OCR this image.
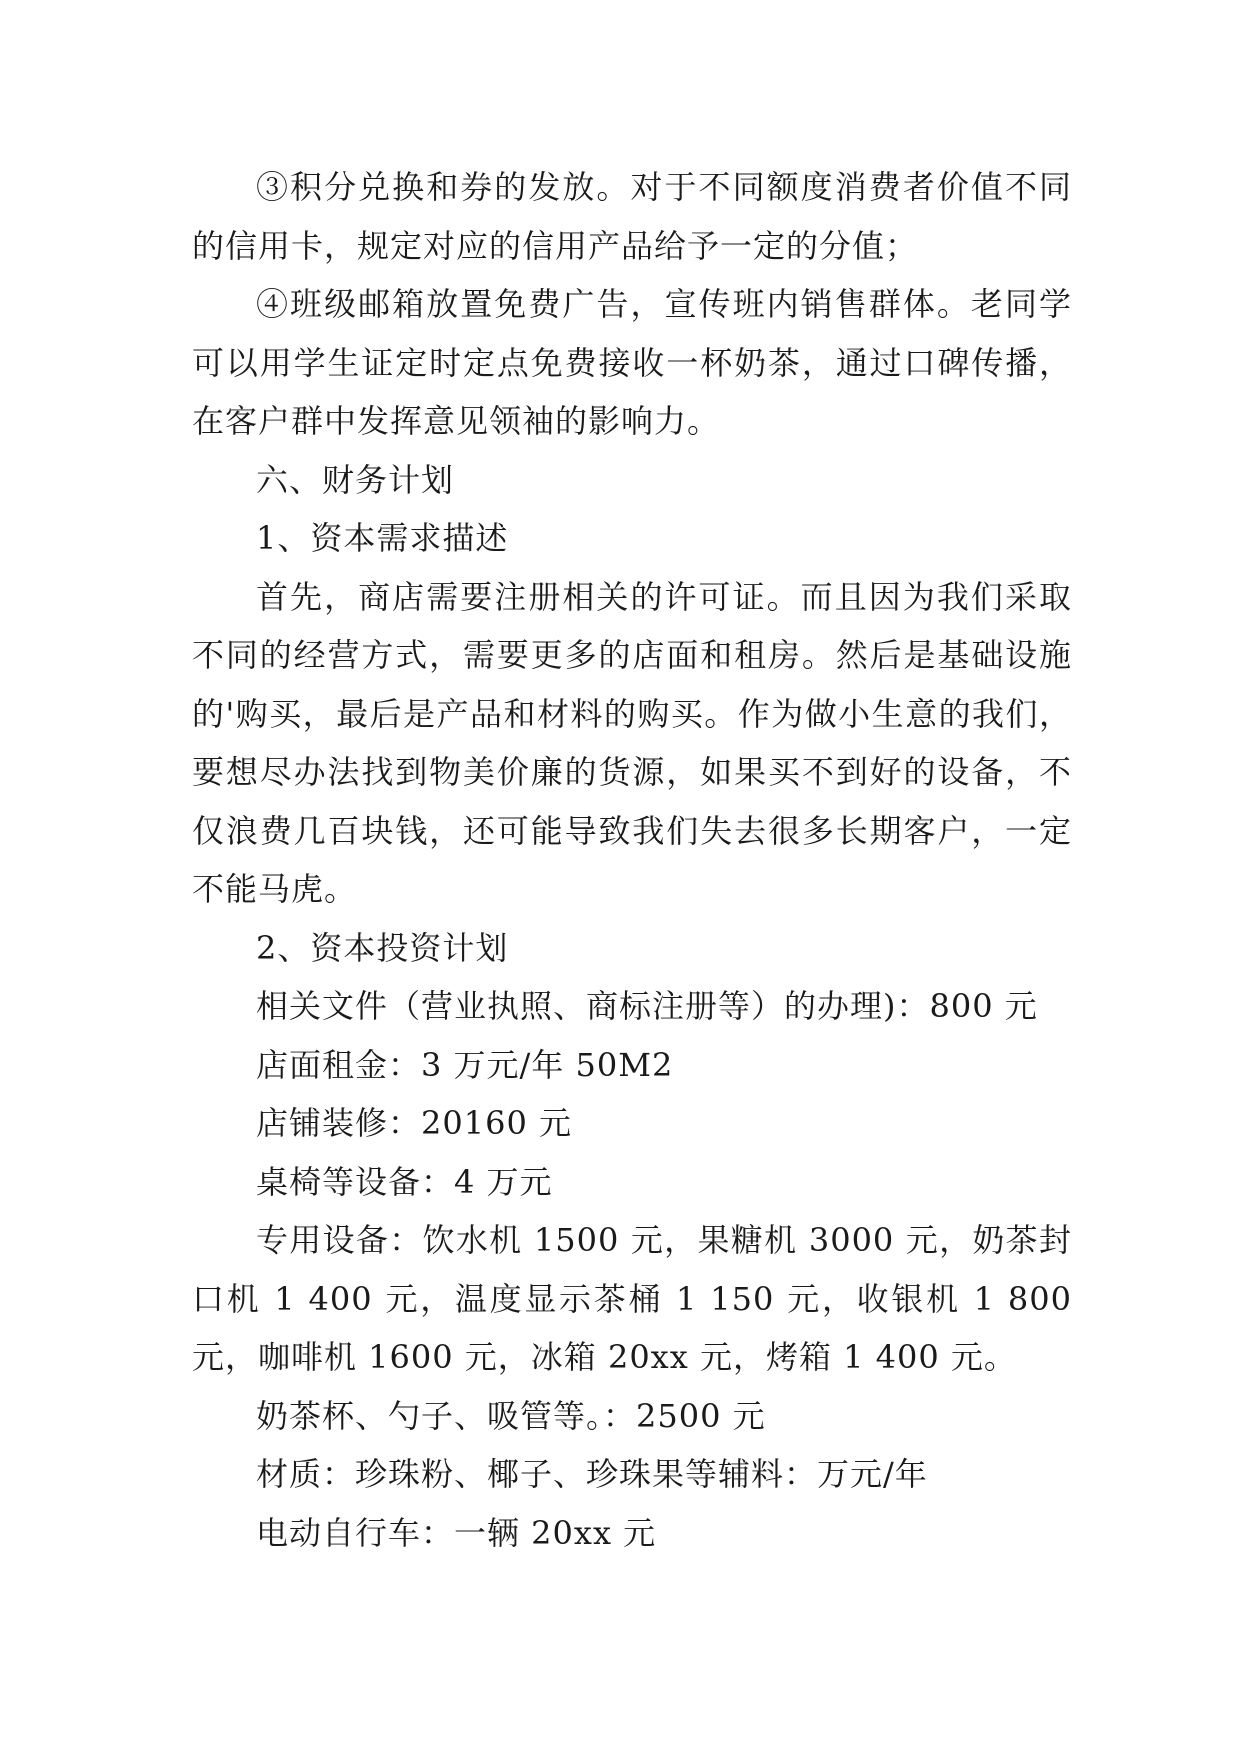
③积分兑换和券的发放。对于不同额度消费者价值不同的信用卡，规定对应的信用产品给予一定的分值；

④班级邮箱放置免费广告，宣传班内销售群体。老同学可以用学生证定时定点免费接收一杯奶茶，通过口碑传播，在客户群中发挥意见领袖的影响力。

六、财务计划

1、资本需求描述

首先，商店需要注册相关的许可证。而且因为我们采取不同的经营方式，需要更多的店面和租房。然后是基础设施的'购买，最后是产品和材料的购买。作为做小生意的我们，要想尽办法找到物美价廉的货源，如果买不到好的设备，不仅浪费几百块钱，还可能导致我们失去很多长期客户，一定不能马虎。

2、资本投资计划

相关文件（营业执照、商标注册等）的办理)：800 元

店面租金：3 万元/年 50M2

店铺装修：20160 元

桌椅等设备：4 万元

专用设备：饮水机 1500 元，果糖机 3000 元，奶茶封口机 1 400 元，温度显示茶桶 1 150 元，收银机 1 800 元，咖啡机 1600 元，冰箱 20xx 元，烤箱 1 400 元。

奶茶杯、勺子、吸管等。：2500 元

材质：珍珠粉、椰子、珍珠果等辅料：万元/年

电动自行车：一辆 20xx 元
